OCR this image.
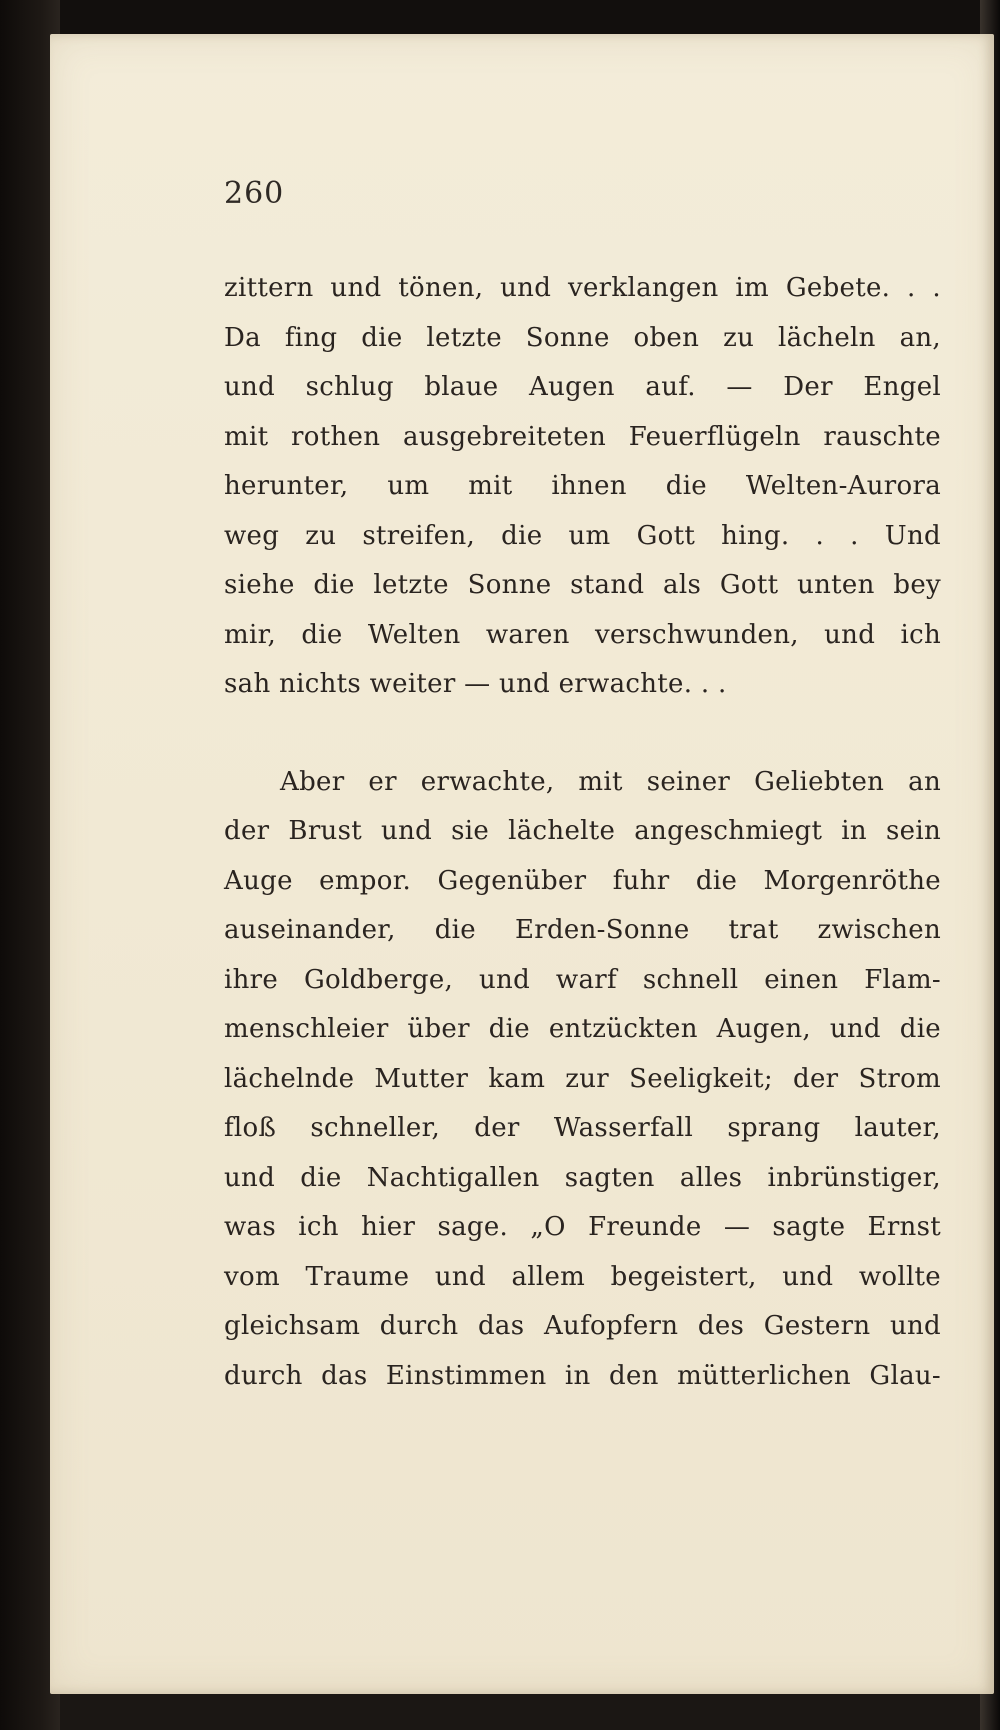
260

zittern und tönen, und verklangen im Gebete. . .
Da fing die letzte Sonne oben zu lächeln an,
und schlug blaue Augen auf. — Der Engel
mit rothen ausgebreiteten Feuerflügeln rauschte
herunter, um mit ihnen die Welten-Aurora
weg zu streifen, die um Gott hing. . . Und
siehe die letzte Sonne stand als Gott unten bey
mir, die Welten waren verschwunden, und ich
sah nichts weiter — und erwachte. . .
Aber er erwachte, mit seiner Geliebten an
der Brust und sie lächelte angeschmiegt in sein
Auge empor. Gegenüber fuhr die Morgenröthe
auseinander, die Erden-Sonne trat zwischen
ihre Goldberge, und warf schnell einen Flam-
menschleier über die entzückten Augen, und die
lächelnde Mutter kam zur Seeligkeit; der Strom
floß schneller, der Wasserfall sprang lauter,
und die Nachtigallen sagten alles inbrünstiger,
was ich hier sage. „O Freunde — sagte Ernst
vom Traume und allem begeistert, und wollte
gleichsam durch das Aufopfern des Gestern und
durch das Einstimmen in den mütterlichen Glau-
